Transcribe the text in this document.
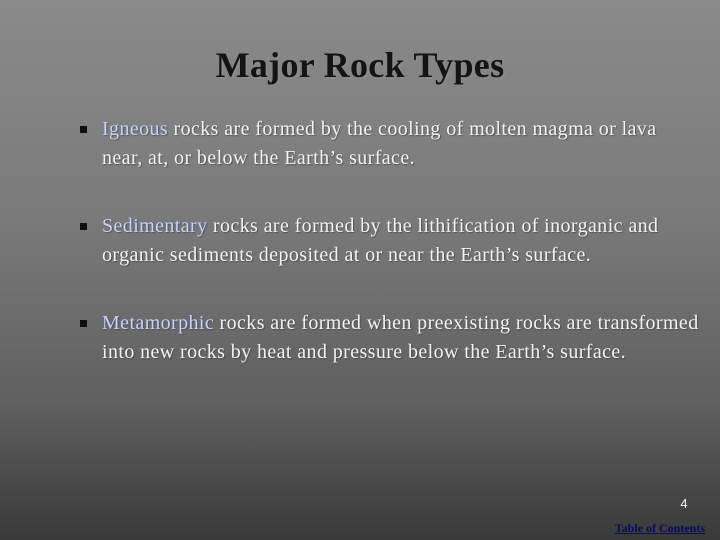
Major Rock Types
Igneous rocks are formed by the cooling of molten magma or lava near, at, or below the Earth’s surface.
Sedimentary rocks are formed by the lithification of inorganic and organic sediments deposited at or near the Earth’s surface.
Metamorphic rocks are formed when preexisting rocks are transformed into new rocks by heat and pressure below the Earth’s surface.
4
Table of Contents
